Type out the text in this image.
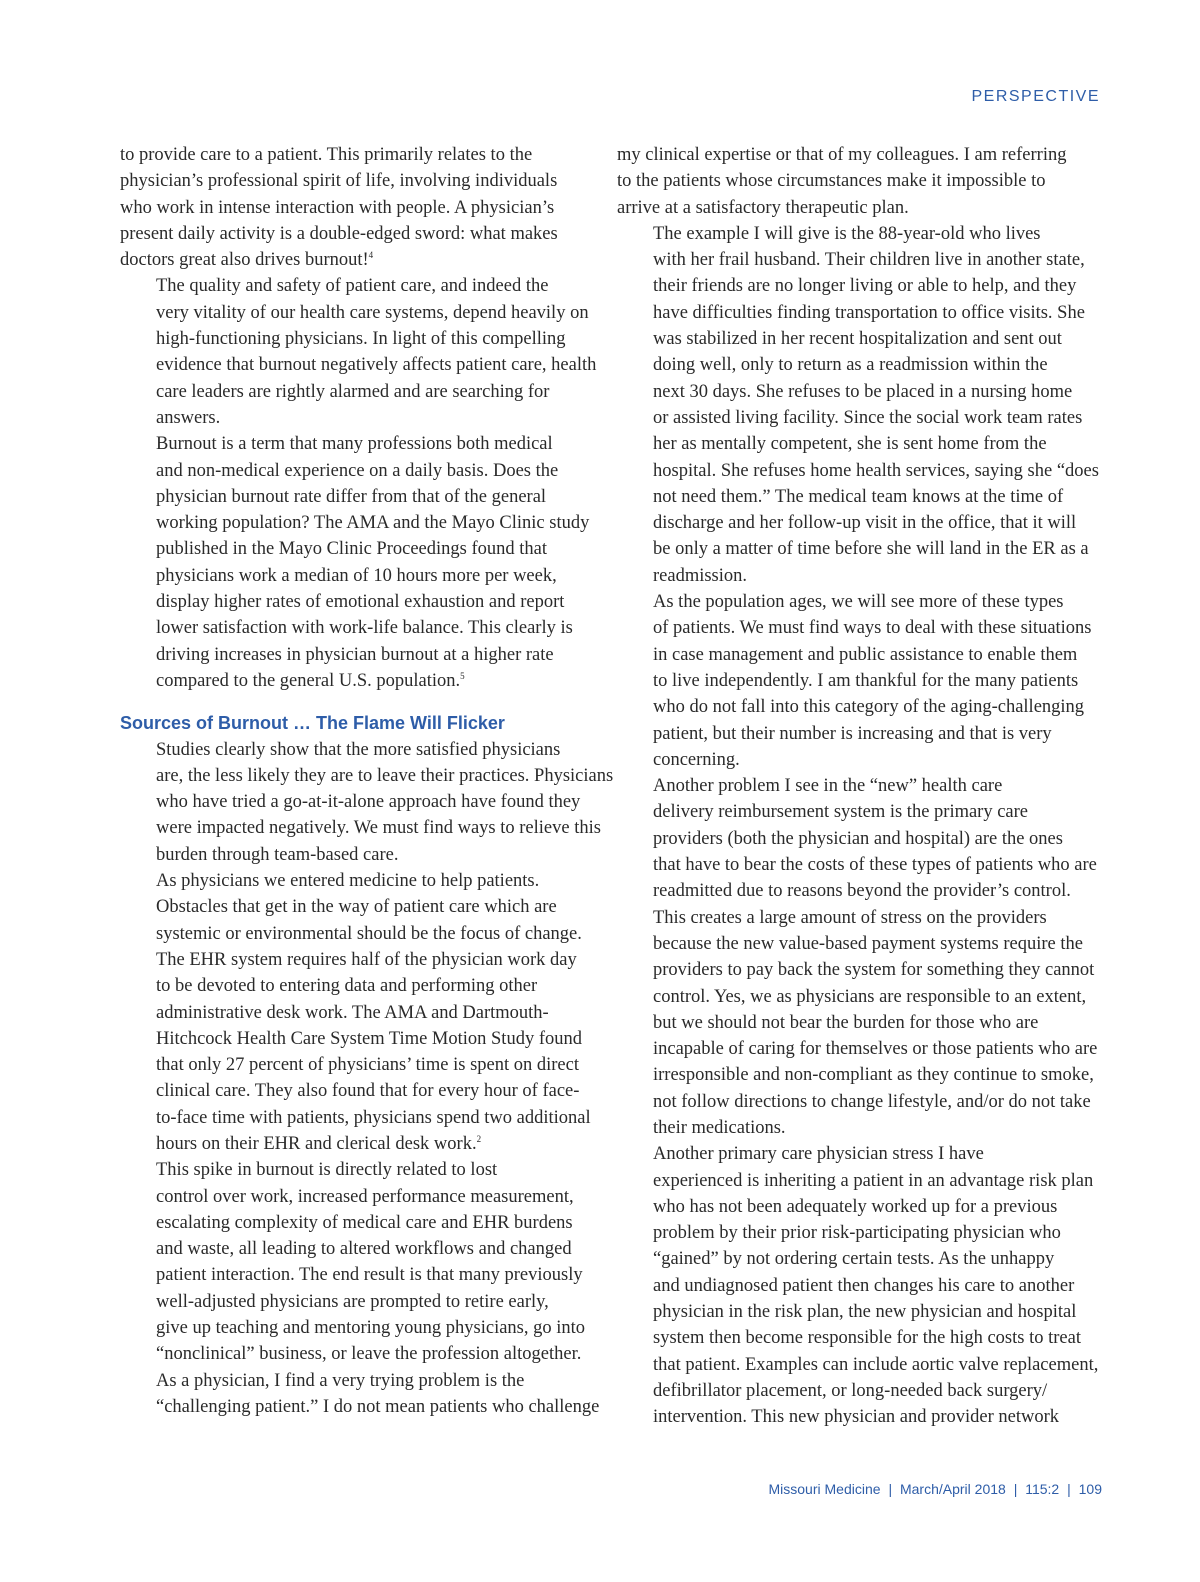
PERSPECTIVE

to provide care to a patient. This primarily relates to the
physician’s professional spirit of life, involving individuals
who work in intense interaction with people. A physician’s
present daily activity is a double-edged sword: what makes
doctors great also drives burnout!$^4$

The quality and safety of patient care, and indeed the
very vitality of our health care systems, depend heavily on
high-functioning physicians. In light of this compelling
evidence that burnout negatively affects patient care, health
care leaders are rightly alarmed and are searching for
answers.

Burnout is a term that many professions both medical
and non-medical experience on a daily basis. Does the
physician burnout rate differ from that of the general
working population? The AMA and the Mayo Clinic study
published in the Mayo Clinic Proceedings found that
physicians work a median of 10 hours more per week,
display higher rates of emotional exhaustion and report
lower satisfaction with work-life balance. This clearly is
driving increases in physician burnout at a higher rate
compared to the general U.S. population.$^5$

Sources of Burnout … The Flame Will Flicker

Studies clearly show that the more satisfied physicians
are, the less likely they are to leave their practices. Physicians
who have tried a go-at-it-alone approach have found they
were impacted negatively. We must find ways to relieve this
burden through team-based care.

As physicians we entered medicine to help patients.
Obstacles that get in the way of patient care which are
systemic or environmental should be the focus of change.
The EHR system requires half of the physician work day
to be devoted to entering data and performing other
administrative desk work. The AMA and Dartmouth-
Hitchcock Health Care System Time Motion Study found
that only 27 percent of physicians’ time is spent on direct
clinical care. They also found that for every hour of face-
to-face time with patients, physicians spend two additional
hours on their EHR and clerical desk work.$^2$

This spike in burnout is directly related to lost
control over work, increased performance measurement,
escalating complexity of medical care and EHR burdens
and waste, all leading to altered workflows and changed
patient interaction. The end result is that many previously
well-adjusted physicians are prompted to retire early,
give up teaching and mentoring young physicians, go into
“nonclinical” business, or leave the profession altogether.

As a physician, I find a very trying problem is the
“challenging patient.” I do not mean patients who challenge

my clinical expertise or that of my colleagues. I am referring
to the patients whose circumstances make it impossible to
arrive at a satisfactory therapeutic plan.

The example I will give is the 88-year-old who lives
with her frail husband. Their children live in another state,
their friends are no longer living or able to help, and they
have difficulties finding transportation to office visits. She
was stabilized in her recent hospitalization and sent out
doing well, only to return as a readmission within the
next 30 days. She refuses to be placed in a nursing home
or assisted living facility. Since the social work team rates
her as mentally competent, she is sent home from the
hospital. She refuses home health services, saying she “does
not need them.” The medical team knows at the time of
discharge and her follow-up visit in the office, that it will
be only a matter of time before she will land in the ER as a
readmission.

As the population ages, we will see more of these types
of patients. We must find ways to deal with these situations
in case management and public assistance to enable them
to live independently. I am thankful for the many patients
who do not fall into this category of the aging-challenging
patient, but their number is increasing and that is very
concerning.

Another problem I see in the “new” health care
delivery reimbursement system is the primary care
providers (both the physician and hospital) are the ones
that have to bear the costs of these types of patients who are
readmitted due to reasons beyond the provider’s control.
This creates a large amount of stress on the providers
because the new value-based payment systems require the
providers to pay back the system for something they cannot
control. Yes, we as physicians are responsible to an extent,
but we should not bear the burden for those who are
incapable of caring for themselves or those patients who are
irresponsible and non-compliant as they continue to smoke,
not follow directions to change lifestyle, and/or do not take
their medications.

Another primary care physician stress I have
experienced is inheriting a patient in an advantage risk plan
who has not been adequately worked up for a previous
problem by their prior risk-participating physician who
“gained” by not ordering certain tests. As the unhappy
and undiagnosed patient then changes his care to another
physician in the risk plan, the new physician and hospital
system then become responsible for the high costs to treat
that patient. Examples can include aortic valve replacement,
defibrillator placement, or long-needed back surgery/
intervention. This new physician and provider network

Missouri Medicine | March/April 2018 | 115:2 | 109
